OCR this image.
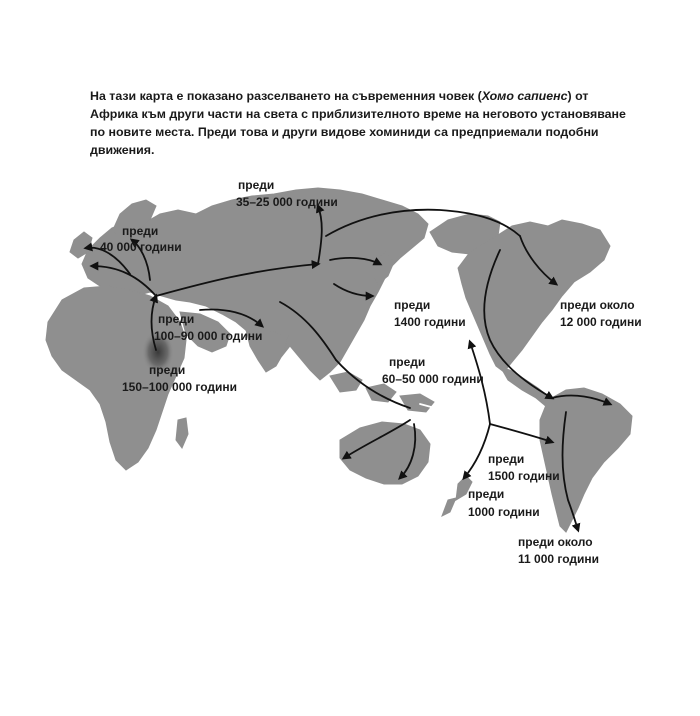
На тази карта е показано разселването на съвременния човек (Хомо сапиенс) от Африка към други части на света с приблизителното време на неговото установяване по новите места. Преди това и други видове хоминиди са предприемали подобни движения.
преди
40 000 години
преди
35–25 000 години
преди
100–90 000 години
преди
150–100 000 години
преди
1400 години
преди
60–50 000 години
преди около
12 000 години
преди
1500 години
преди
1000 години
преди около
11 000 години
